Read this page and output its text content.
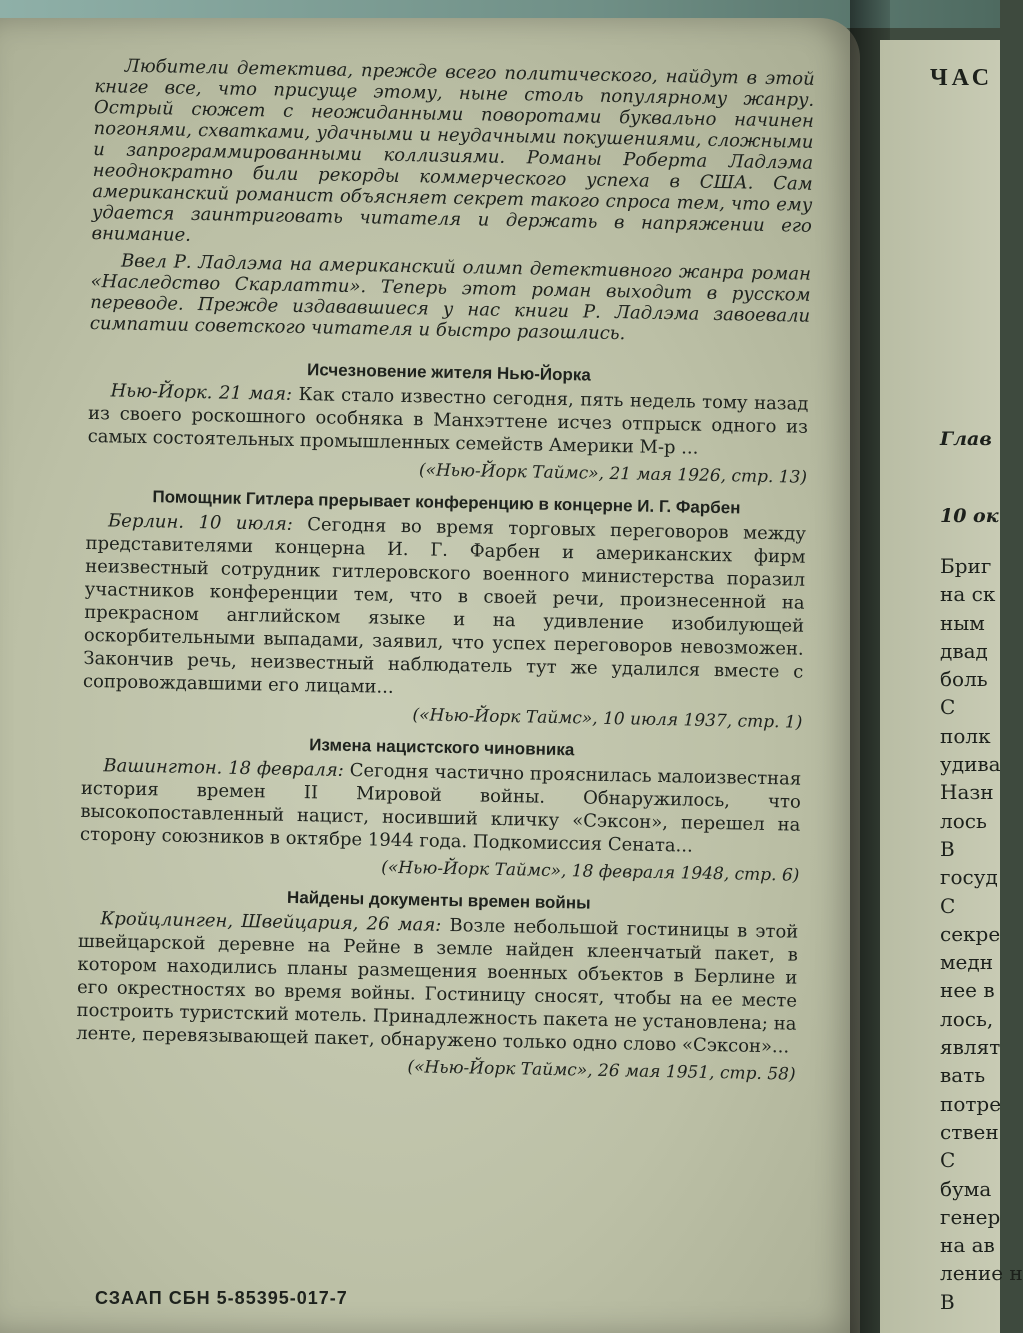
Любители детектива, прежде всего политического, найдут в этой книге все, что присуще этому, ныне столь популярному жанру. Острый сюжет с неожиданными поворотами буквально начинен погонями, схватками, удачными и неудачными покушениями, сложными и запрограммированными коллизиями. Романы Роберта Ладлэма неоднократно били рекорды коммерческого успеха в США. Сам американский романист объясняет секрет такого спроса тем, что ему удается заинтриговать читателя и держать в напряжении его внимание.

Ввел Р. Ладлэма на американский олимп детективного жанра роман «Наследство Скарлатти». Теперь этот роман выходит в русском переводе. Прежде издававшиеся у нас книги Р. Ладлэма завоевали симпатии советского читателя и быстро разошлись.

Исчезновение жителя Нью-Йорка

Нью-Йорк. 21 мая: Как стало известно сегодня, пять недель тому назад из своего роскошного особняка в Манхэттене исчез отпрыск одного из самых состоятельных промышленных семейств Америки М-р ...

(«Нью-Йорк Таймс», 21 мая 1926, стр. 13)

Помощник Гитлера прерывает конференцию в концерне И. Г. Фарбен

Берлин. 10 июля: Сегодня во время торговых переговоров между представителями концерна И. Г. Фарбен и американских фирм неизвестный сотрудник гитлеровского военного министерства поразил участников конференции тем, что в своей речи, произнесенной на прекрасном английском языке и на удивление изобилующей оскорбительными выпадами, заявил, что успех переговоров невозможен. Закончив речь, неизвестный наблюдатель тут же удалился вместе с сопровождавшими его лицами...

(«Нью-Йорк Таймс», 10 июля 1937, стр. 1)

Измена нацистского чиновника

Вашингтон. 18 февраля: Сегодня частично прояснилась малоизвестная история времен II Мировой войны. Обнаружилось, что высокопоставленный нацист, носивший кличку «Сэксон», перешел на сторону союзников в октябре 1944 года. Подкомиссия Сената...

(«Нью-Йорк Таймс», 18 февраля 1948, стр. 6)

Найдены документы времен войны

Кройцлинген, Швейцария, 26 мая: Возле небольшой гостиницы в этой швейцарской деревне на Рейне в земле найден клеенчатый пакет, в котором находились планы размещения военных объектов в Берлине и его окрестностях во время войны. Гостиницу сносят, чтобы на ее месте построить туристский мотель. Принадлежность пакета не установлена; на ленте, перевязывающей пакет, обнаружено только одно слово «Сэксон»...

(«Нью-Йорк Таймс», 26 мая 1951, стр. 58)

СЗААП СБН 5-85395-017-7
ЧАС
Глав
10 ок
Бриг
на ск
ным
двад
боль
С
полк
удива
Назн
лось
В
госуд
С
секре
медн
нее в
лось,
являт
вать
потре
ствен
С
бума
генер
на ав
ление н
В
